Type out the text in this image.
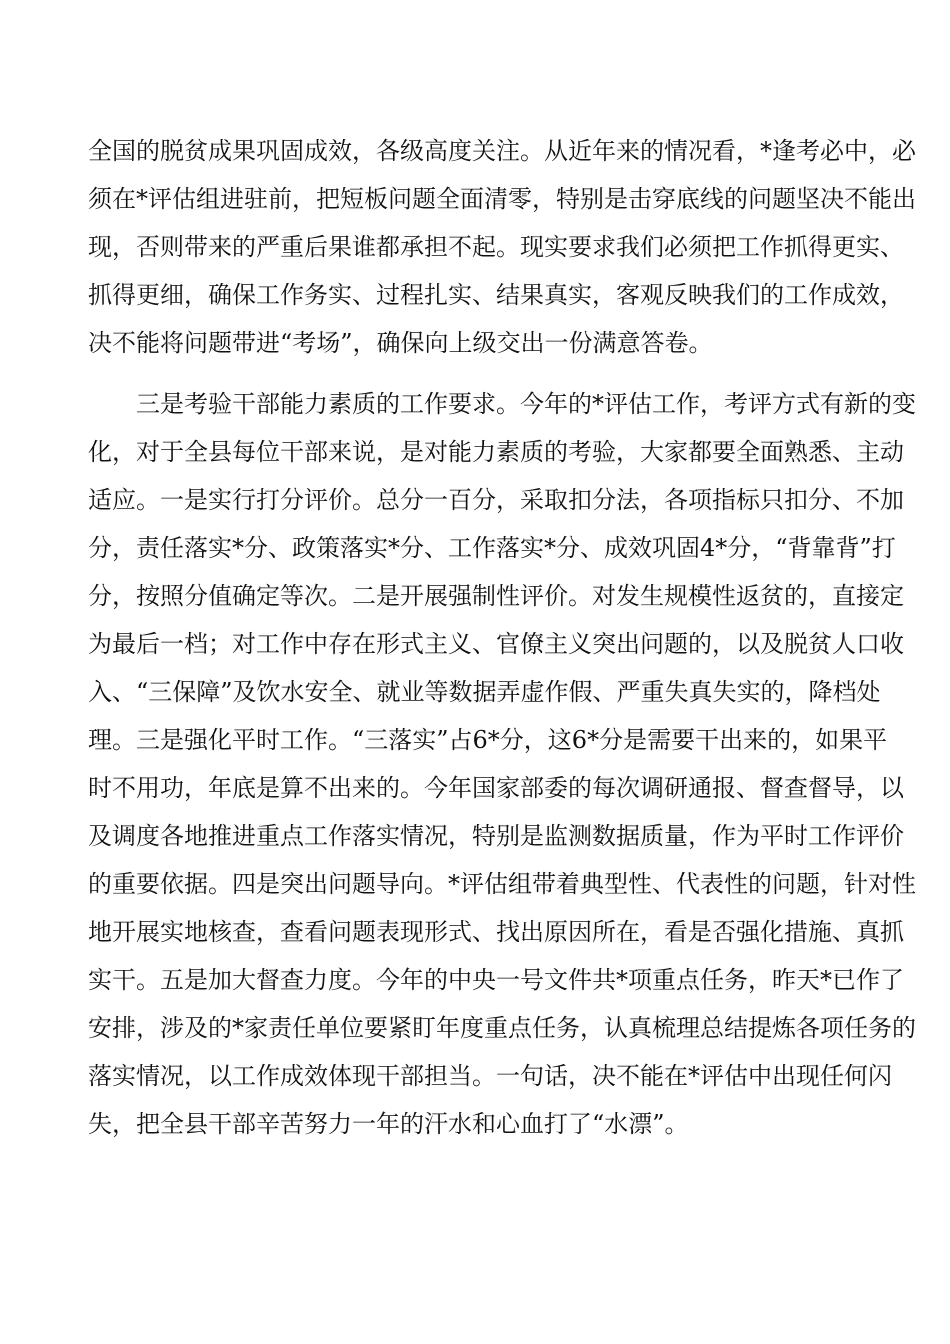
全国的脱贫成果巩固成效，各级高度关注。从近年来的情况看，*逢考必中，必
须在*评估组进驻前，把短板问题全面清零，特别是击穿底线的问题坚决不能出
现，否则带来的严重后果谁都承担不起。现实要求我们必须把工作抓得更实、
抓得更细，确保工作务实、过程扎实、结果真实，客观反映我们的工作成效，
决不能将问题带进“考场”，确保向上级交出一份满意答卷。
　　三是考验干部能力素质的工作要求。今年的*评估工作，考评方式有新的变
化，对于全县每位干部来说，是对能力素质的考验，大家都要全面熟悉、主动
适应。一是实行打分评价。总分一百分，采取扣分法，各项指标只扣分、不加
分，责任落实*分、政策落实*分、工作落实*分、成效巩固4*分，“背靠背”打
分，按照分值确定等次。二是开展强制性评价。对发生规模性返贫的，直接定
为最后一档；对工作中存在形式主义、官僚主义突出问题的，以及脱贫人口收
入、“三保障”及饮水安全、就业等数据弄虚作假、严重失真失实的，降档处
理。三是强化平时工作。“三落实”占6*分，这6*分是需要干出来的，如果平
时不用功，年底是算不出来的。今年国家部委的每次调研通报、督查督导，以
及调度各地推进重点工作落实情况，特别是监测数据质量，作为平时工作评价
的重要依据。四是突出问题导向。*评估组带着典型性、代表性的问题，针对性
地开展实地核查，查看问题表现形式、找出原因所在，看是否强化措施、真抓
实干。五是加大督查力度。今年的中央一号文件共*项重点任务，昨天*已作了
安排，涉及的*家责任单位要紧盯年度重点任务，认真梳理总结提炼各项任务的
落实情况，以工作成效体现干部担当。一句话，决不能在*评估中出现任何闪
失，把全县干部辛苦努力一年的汗水和心血打了“水漂”。
